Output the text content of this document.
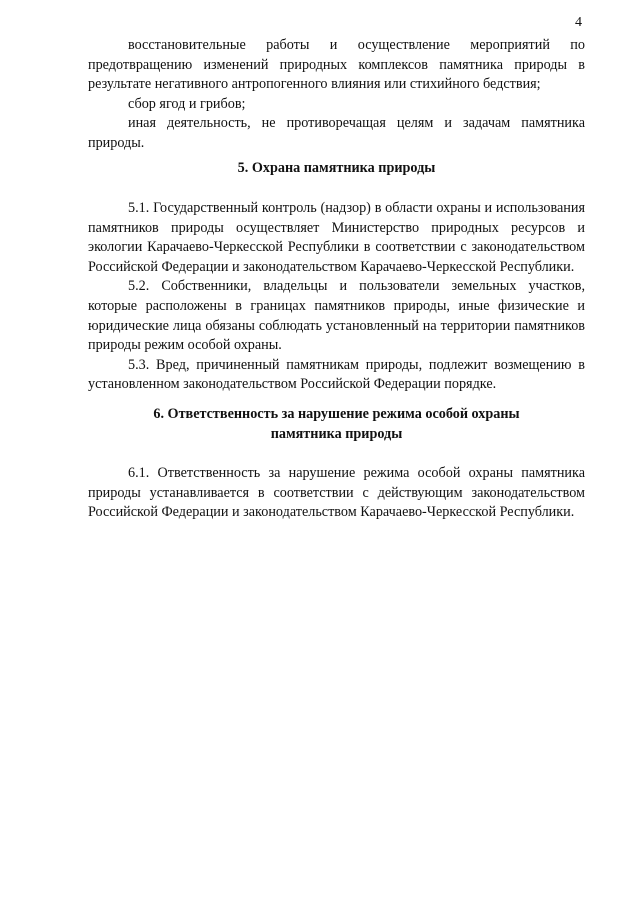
4

восстановительные работы и осуществление мероприятий по предотвращению изменений природных комплексов памятника природы в результате негативного антропогенного влияния или стихийного бедствия;

сбор ягод и грибов;

иная деятельность, не противоречащая целям и задачам памятника природы.

5. Охрана памятника природы

5.1. Государственный контроль (надзор) в области охраны и использования памятников природы осуществляет Министерство природных ресурсов и экологии Карачаево-Черкесской Республики в соответствии с законодательством Российской Федерации и законодательством Карачаево-Черкесской Республики.

5.2. Собственники, владельцы и пользователи земельных участков, которые расположены в границах памятников природы, иные физические и юридические лица обязаны соблюдать установленный на территории памятников природы режим особой охраны.

5.3. Вред, причиненный памятникам природы, подлежит возмещению в установленном законодательством Российской Федерации порядке.

6. Ответственность за нарушение режима особой охраны
памятника природы

6.1. Ответственность за нарушение режима особой охраны памятника природы устанавливается в соответствии с действующим законодательством Российской Федерации и законодательством Карачаево-Черкесской Республики.
